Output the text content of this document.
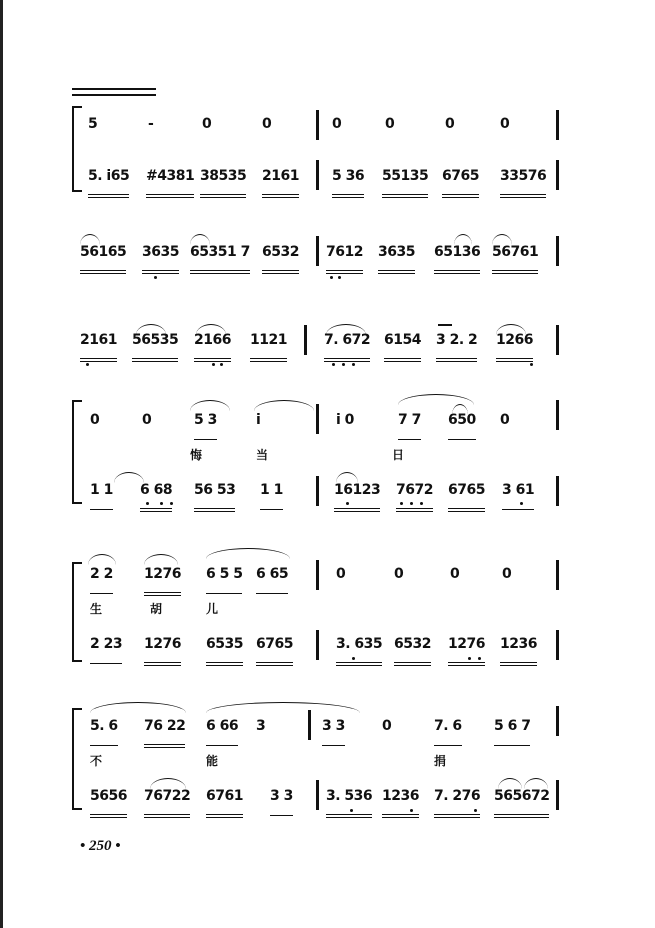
5	-	0	0	0	0	0	0
5. i65 #4381 38535 2161 5 36 55135 6765 33576
56165 3635 65351 7 6532 7612 3635 65136 56761
2161 56535 2166 1121	7. 672 6154 3 2. 2 1266
0	0	5 3	i	i 0	7 7 650 0
悔	当	日
1 1 6 68 56 53 1 1	16123 7672 6765 3 61
2 2 1276 6 5 5 6 65	0	0	0	0
生	胡	儿
2 23 1276 6535 6765	3. 635 6532 1276 1236
5. 6 76 22 6 66 3	3 3	0	7. 6 5 6 7
不	能	捐
5656 76722 6761 3 3 3. 536 1236 7. 276 565672
• 250 •
